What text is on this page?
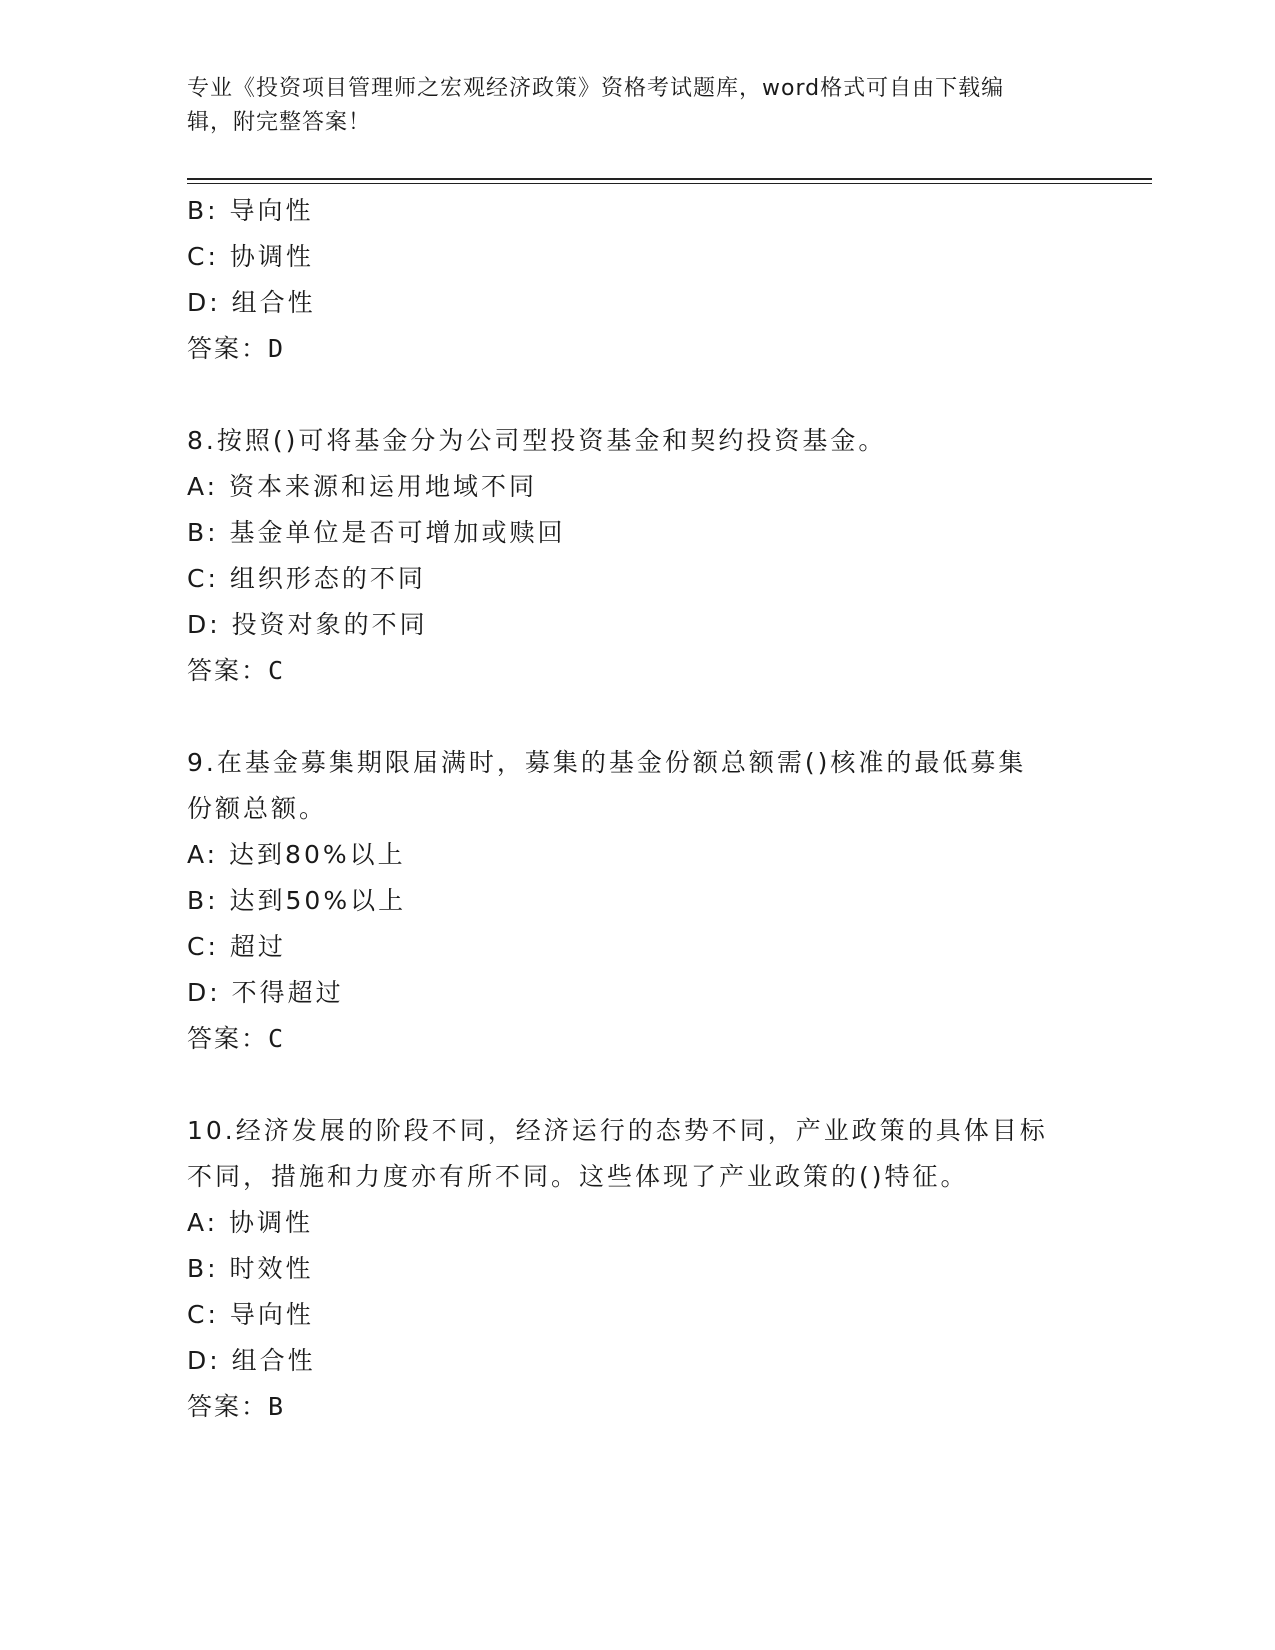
专业《投资项目管理师之宏观经济政策》资格考试题库，word格式可自由下载编
辑，附完整答案！
B: 导向性
C: 协调性
D: 组合性
答案：D
8.按照()可将基金分为公司型投资基金和契约投资基金。
A: 资本来源和运用地域不同
B: 基金单位是否可增加或赎回
C: 组织形态的不同
D: 投资对象的不同
答案：C
9.在基金募集期限届满时，募集的基金份额总额需()核准的最低募集
份额总额。
A: 达到80%以上
B: 达到50%以上
C: 超过
D: 不得超过
答案：C
10.经济发展的阶段不同，经济运行的态势不同，产业政策的具体目标
不同，措施和力度亦有所不同。这些体现了产业政策的()特征。
A: 协调性
B: 时效性
C: 导向性
D: 组合性
答案：B
